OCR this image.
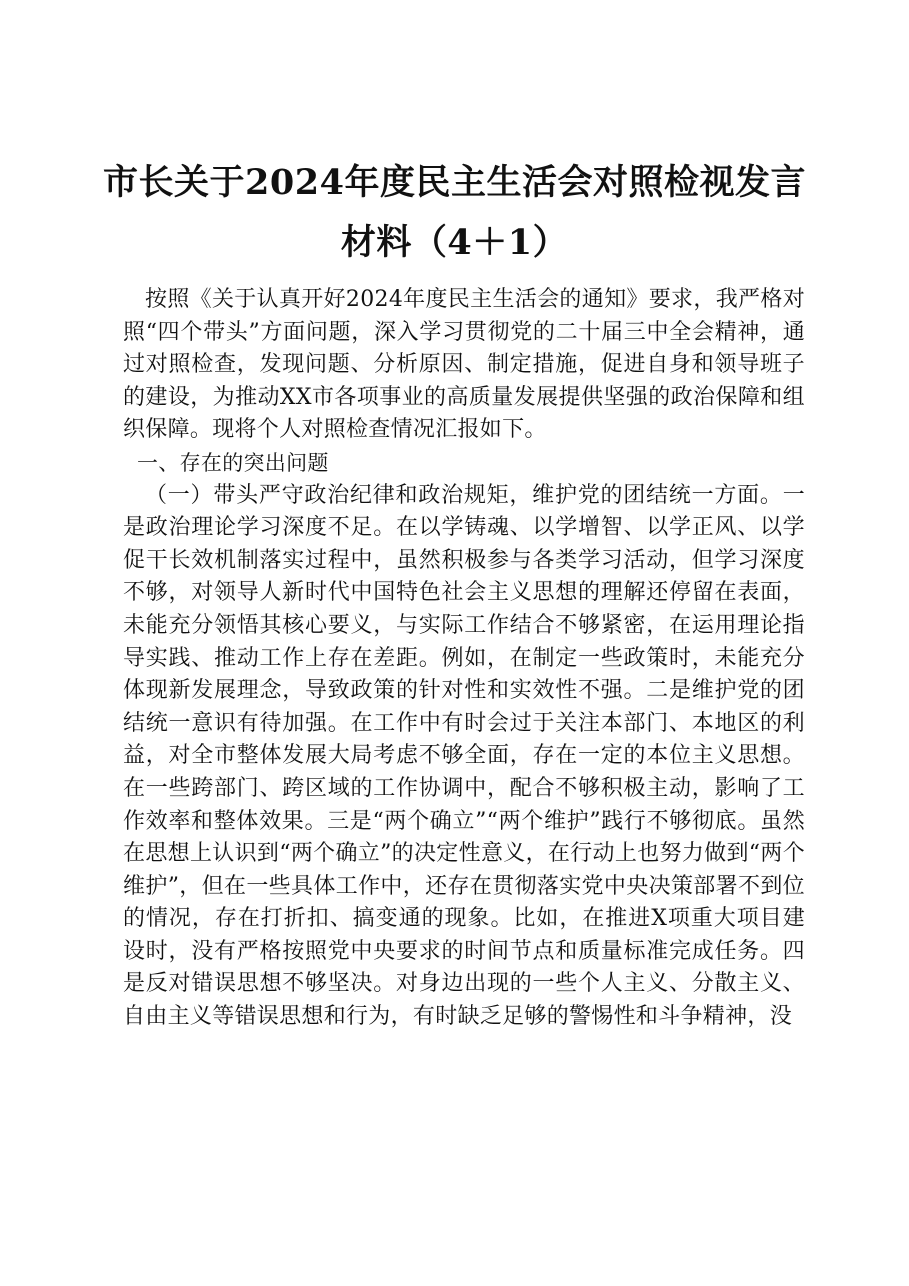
市长关于2024年度民主生活会对照检视发言
材料（4＋1）

按照《关于认真开好2024年度民主生活会的通知》要求，我严格对照“四个带头”方面问题，深入学习贯彻党的二十届三中全会精神，通过对照检查，发现问题、分析原因、制定措施，促进自身和领导班子的建设，为推动XX市各项事业的高质量发展提供坚强的政治保障和组织保障。现将个人对照检查情况汇报如下。

一、存在的突出问题

（一）带头严守政治纪律和政治规矩，维护党的团结统一方面。一是政治理论学习深度不足。在以学铸魂、以学增智、以学正风、以学促干长效机制落实过程中，虽然积极参与各类学习活动，但学习深度不够，对领导人新时代中国特色社会主义思想的理解还停留在表面，未能充分领悟其核心要义，与实际工作结合不够紧密，在运用理论指导实践、推动工作上存在差距。例如，在制定一些政策时，未能充分体现新发展理念，导致政策的针对性和实效性不强。二是维护党的团结统一意识有待加强。在工作中有时会过于关注本部门、本地区的利益，对全市整体发展大局考虑不够全面，存在一定的本位主义思想。在一些跨部门、跨区域的工作协调中，配合不够积极主动，影响了工作效率和整体效果。三是“两个确立”“两个维护”践行不够彻底。虽然在思想上认识到“两个确立”的决定性意义，在行动上也努力做到“两个维护”，但在一些具体工作中，还存在贯彻落实党中央决策部署不到位的情况，存在打折扣、搞变通的现象。比如，在推进X项重大项目建设时，没有严格按照党中央要求的时间节点和质量标准完成任务。四是反对错误思想不够坚决。对身边出现的一些个人主义、分散主义、自由主义等错误思想和行为，有时缺乏足够的警惕性和斗争精神，没
